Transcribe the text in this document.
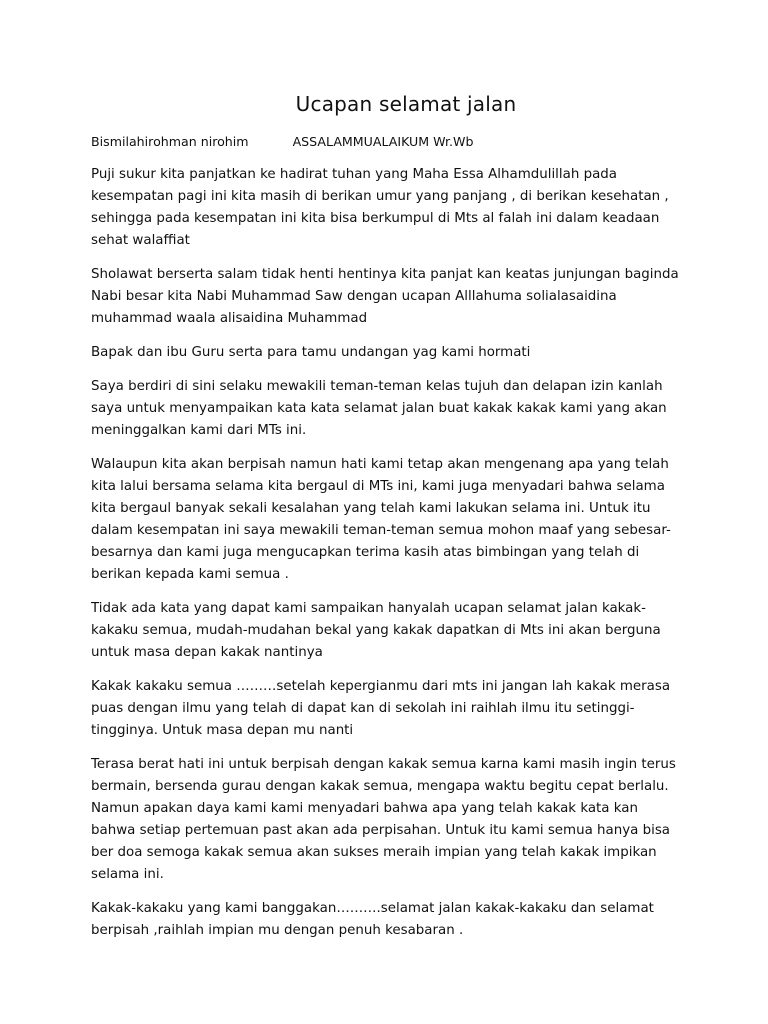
Ucapan selamat jalan
Bismilahirohman nirohim	ASSALAMMUALAIKUM Wr.Wb

Puji sukur kita panjatkan ke hadirat tuhan yang Maha Essa Alhamdulillah pada kesempatan pagi ini kita masih di berikan umur yang panjang , di berikan kesehatan , sehingga pada kesempatan ini kita bisa berkumpul di Mts al falah ini dalam keadaan sehat walaffiat

Sholawat berserta salam tidak henti hentinya kita panjat kan keatas junjungan baginda Nabi besar kita Nabi Muhammad Saw dengan ucapan Alllahuma solialasaidina muhammad waala alisaidina Muhammad

Bapak dan ibu Guru serta para tamu undangan yag kami hormati

Saya berdiri di sini selaku mewakili teman-teman kelas tujuh dan delapan izin kanlah saya untuk menyampaikan kata kata selamat jalan buat kakak kakak kami yang akan meninggalkan kami dari MTs ini.

Walaupun kita akan berpisah namun hati kami tetap akan mengenang apa yang telah kita lalui bersama selama kita bergaul di MTs ini, kami juga menyadari bahwa selama kita bergaul banyak sekali kesalahan yang telah kami lakukan selama ini. Untuk itu dalam kesempatan ini saya mewakili teman-teman semua mohon maaf yang sebesar-besarnya dan kami juga mengucapkan terima kasih atas bimbingan yang telah di berikan kepada kami semua .

Tidak ada kata yang dapat kami sampaikan hanyalah ucapan selamat jalan kakak-kakaku semua, mudah-mudahan bekal yang kakak dapatkan di Mts ini akan berguna untuk masa depan kakak nantinya

Kakak kakaku semua ………setelah kepergianmu dari mts ini jangan lah kakak merasa puas dengan ilmu yang telah di dapat kan di sekolah ini raihlah ilmu itu setinggi-tingginya. Untuk masa depan mu nanti

Terasa berat hati ini untuk berpisah dengan kakak semua karna kami masih ingin terus bermain, bersenda gurau dengan kakak semua, mengapa waktu begitu cepat berlalu. Namun apakan daya kami kami menyadari bahwa apa yang telah kakak kata kan bahwa setiap pertemuan past akan ada perpisahan. Untuk itu kami semua hanya bisa ber doa semoga kakak semua akan sukses meraih impian yang telah kakak impikan selama ini.

Kakak-kakaku yang kami banggakan……….selamat jalan kakak-kakaku dan selamat berpisah ,raihlah impian mu dengan penuh kesabaran .
